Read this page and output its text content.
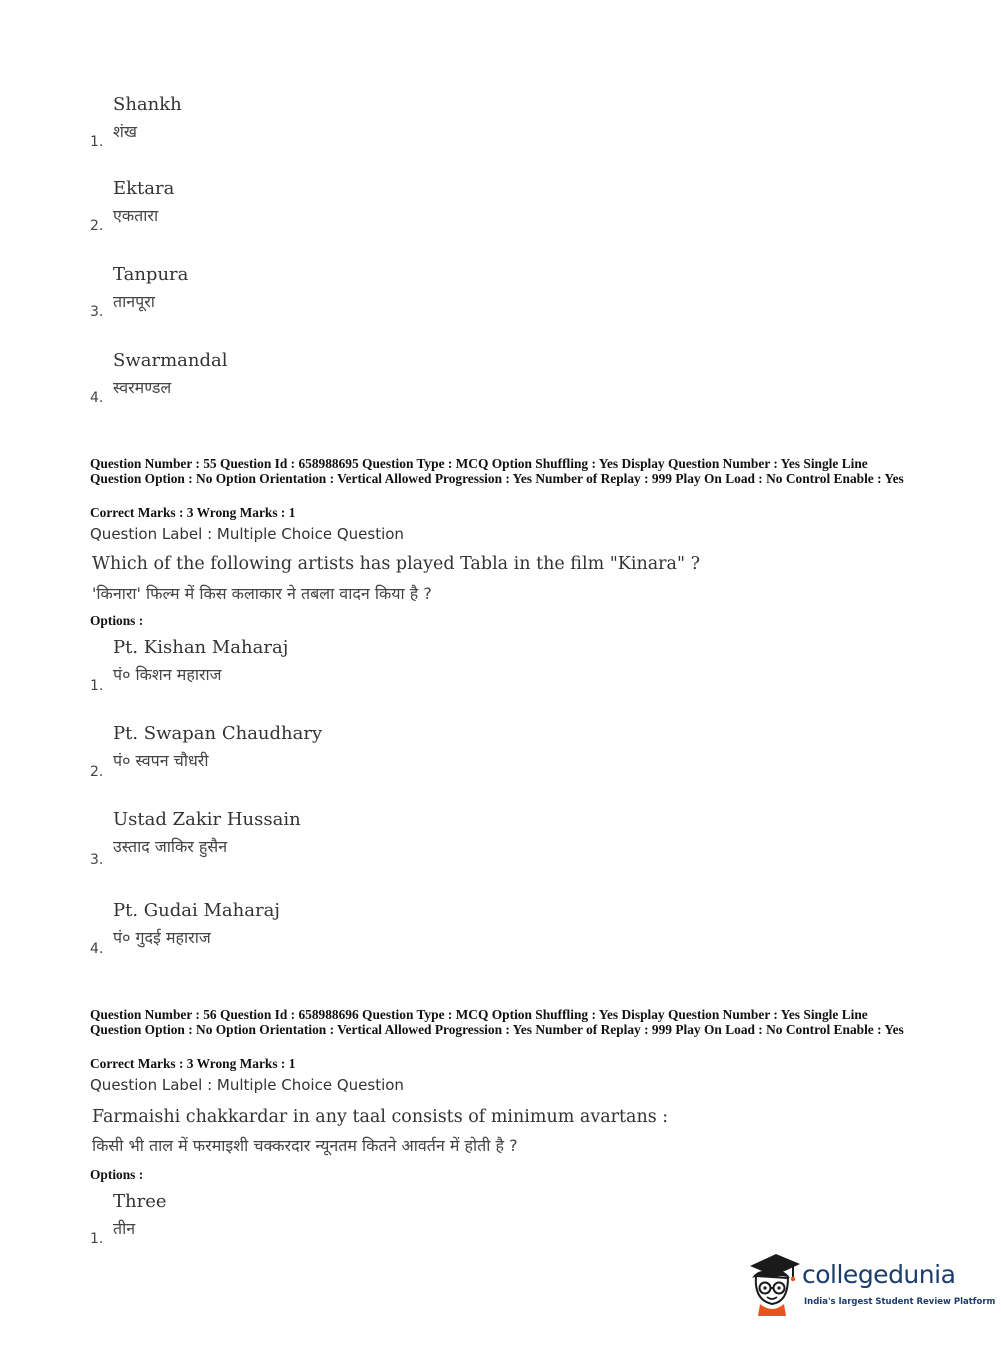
Shankh
शंख
1.
Ektara
एकतारा
2.
Tanpura
तानपूरा
3.
Swarmandal
स्वरमण्डल
4.
Question Number : 55 Question Id : 658988695 Question Type : MCQ Option Shuffling : Yes Display Question Number : Yes Single Line Question Option : No Option Orientation : Vertical Allowed Progression : Yes Number of Replay : 999 Play On Load : No Control Enable : Yes
Correct Marks : 3 Wrong Marks : 1
Question Label : Multiple Choice Question
Which of the following artists has played Tabla in the film "Kinara" ?
'किनारा' फिल्म में किस कलाकार ने तबला वादन किया है ?
Options :
Pt. Kishan Maharaj
पं० किशन महाराज
1.
Pt. Swapan Chaudhary
पं० स्वपन चौधरी
2.
Ustad Zakir Hussain
उस्ताद जाकिर हुसैन
3.
Pt. Gudai Maharaj
पं० गुदई महाराज
4.
Question Number : 56 Question Id : 658988696 Question Type : MCQ Option Shuffling : Yes Display Question Number : Yes Single Line Question Option : No Option Orientation : Vertical Allowed Progression : Yes Number of Replay : 999 Play On Load : No Control Enable : Yes
Correct Marks : 3 Wrong Marks : 1
Question Label : Multiple Choice Question
Farmaishi chakkardar in any taal consists of minimum avartans :
किसी भी ताल में फरमाइशी चक्करदार न्यूनतम कितने आवर्तन में होती है ?
Options :
Three
तीन
1.
collegedunia
India's largest Student Review Platform
